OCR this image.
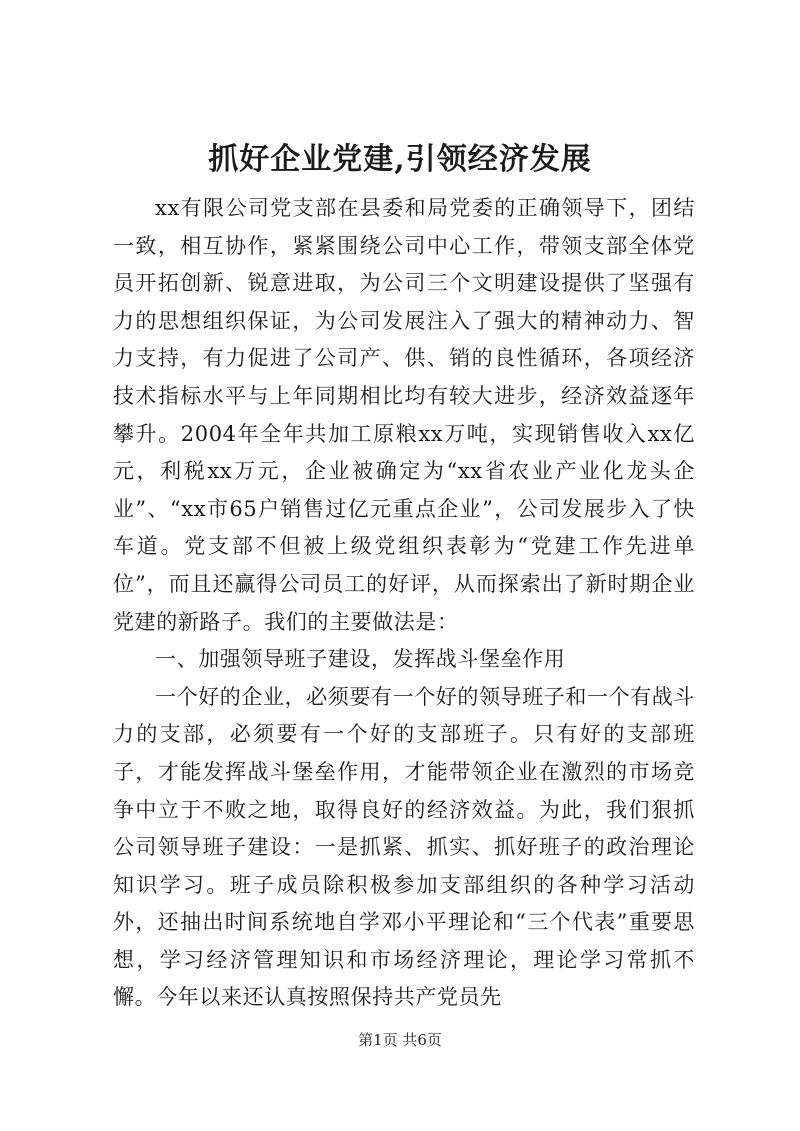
抓好企业党建,引领经济发展

xx有限公司党支部在县委和局党委的正确领导下，团结一致，相互协作，紧紧围绕公司中心工作，带领支部全体党员开拓创新、锐意进取，为公司三个文明建设提供了坚强有力的思想组织保证，为公司发展注入了强大的精神动力、智力支持，有力促进了公司产、供、销的良性循环，各项经济技术指标水平与上年同期相比均有较大进步，经济效益逐年攀升。2004年全年共加工原粮xx万吨，实现销售收入xx亿元，利税xx万元，企业被确定为“xx省农业产业化龙头企业”、“xx市65户销售过亿元重点企业”，公司发展步入了快车道。党支部不但被上级党组织表彰为“党建工作先进单位”，而且还赢得公司员工的好评，从而探索出了新时期企业党建的新路子。我们的主要做法是：

一、加强领导班子建设，发挥战斗堡垒作用

一个好的企业，必须要有一个好的领导班子和一个有战斗力的支部，必须要有一个好的支部班子。只有好的支部班子，才能发挥战斗堡垒作用，才能带领企业在激烈的市场竞争中立于不败之地，取得良好的经济效益。为此，我们狠抓公司领导班子建设：一是抓紧、抓实、抓好班子的政治理论知识学习。班子成员除积极参加支部组织的各种学习活动外，还抽出时间系统地自学邓小平理论和“三个代表”重要思想，学习经济管理知识和市场经济理论，理论学习常抓不懈。今年以来还认真按照保持共产党员先

第1页 共6页
